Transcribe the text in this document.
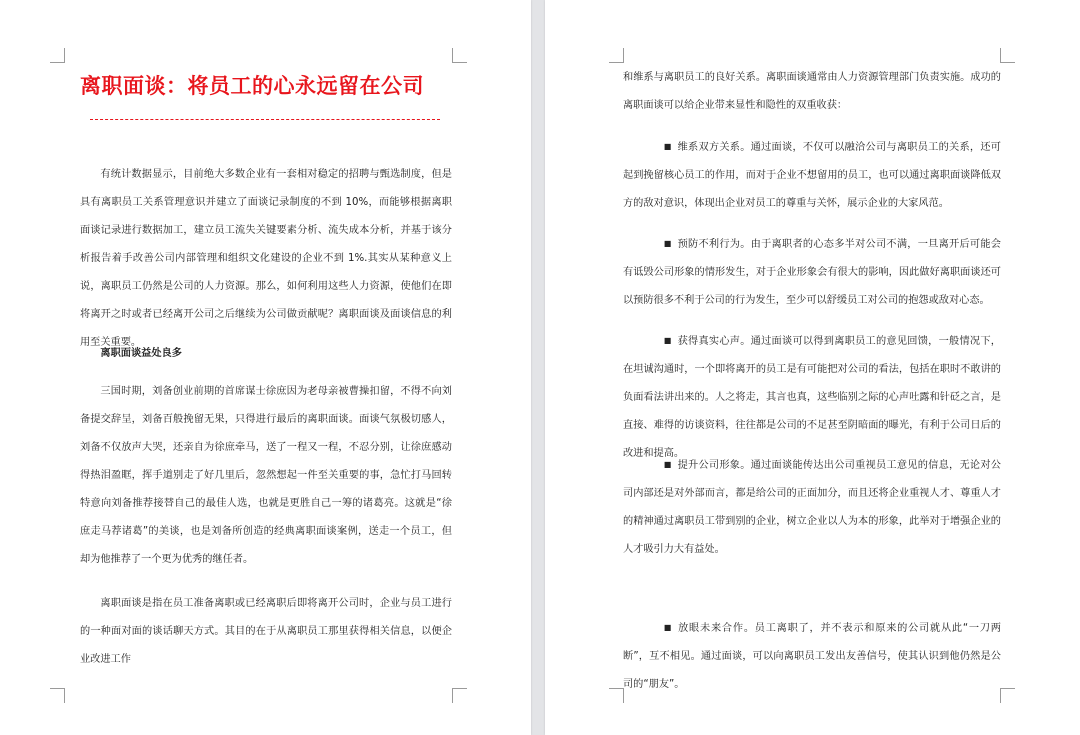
离职面谈：将员工的心永远留在公司

有统计数据显示，目前绝大多数企业有一套相对稳定的招聘与甄选制度，但是具有离职员工关系管理意识并建立了面谈记录制度的不到 10%，而能够根据离职面谈记录进行数据加工，建立员工流失关键要素分析、流失成本分析，并基于该分析报告着手改善公司内部管理和组织文化建设的企业不到 1%.其实从某种意义上说，离职员工仍然是公司的人力资源。那么，如何利用这些人力资源，使他们在即将离开之时或者已经离开公司之后继续为公司做贡献呢？离职面谈及面谈信息的利用至关重要。

离职面谈益处良多

三国时期，刘备创业前期的首席谋士徐庶因为老母亲被曹操扣留，不得不向刘备提交辞呈，刘备百般挽留无果，只得进行最后的离职面谈。面谈气氛极切感人，刘备不仅放声大哭，还亲自为徐庶牵马，送了一程又一程，不忍分别，让徐庶感动得热泪盈眶，挥手道别走了好几里后，忽然想起一件至关重要的事，急忙打马回转特意向刘备推荐接替自己的最佳人选，也就是更胜自己一筹的诸葛亮。这就是“徐庶走马荐诸葛”的美谈，也是刘备所创造的经典离职面谈案例，送走一个员工，但却为他推荐了一个更为优秀的继任者。

离职面谈是指在员工准备离职或已经离职后即将离开公司时，企业与员工进行的一种面对面的谈话聊天方式。其目的在于从离职员工那里获得相关信息，以便企业改进工作

和维系与离职员工的良好关系。离职面谈通常由人力资源管理部门负责实施。成功的离职面谈可以给企业带来显性和隐性的双重收获：

■ 维系双方关系。通过面谈，不仅可以融洽公司与离职员工的关系，还可起到挽留核心员工的作用，而对于企业不想留用的员工，也可以通过离职面谈降低双方的敌对意识，体现出企业对员工的尊重与关怀，展示企业的大家风范。

■ 预防不利行为。由于离职者的心态多半对公司不满，一旦离开后可能会有诋毁公司形象的情形发生，对于企业形象会有很大的影响，因此做好离职面谈还可以预防很多不利于公司的行为发生，至少可以舒缓员工对公司的抱怨或敌对心态。

■ 获得真实心声。通过面谈可以得到离职员工的意见回馈，一般情况下，在坦诚沟通时，一个即将离开的员工是有可能把对公司的看法，包括在职时不敢讲的负面看法讲出来的。人之将走，其言也真，这些临别之际的心声吐露和针砭之言，是直接、难得的访谈资料，往往都是公司的不足甚至阴暗面的曝光，有利于公司日后的改进和提高。

■ 提升公司形象。通过面谈能传达出公司重视员工意见的信息，无论对公司内部还是对外部而言，都是给公司的正面加分，而且还将企业重视人才、尊重人才的精神通过离职员工带到别的企业，树立企业以人为本的形象，此举对于增强企业的人才吸引力大有益处。

■ 放眼未来合作。员工离职了，并不表示和原来的公司就从此“一刀两断”，互不相见。通过面谈，可以向离职员工发出友善信号，使其认识到他仍然是公司的“朋友”。
